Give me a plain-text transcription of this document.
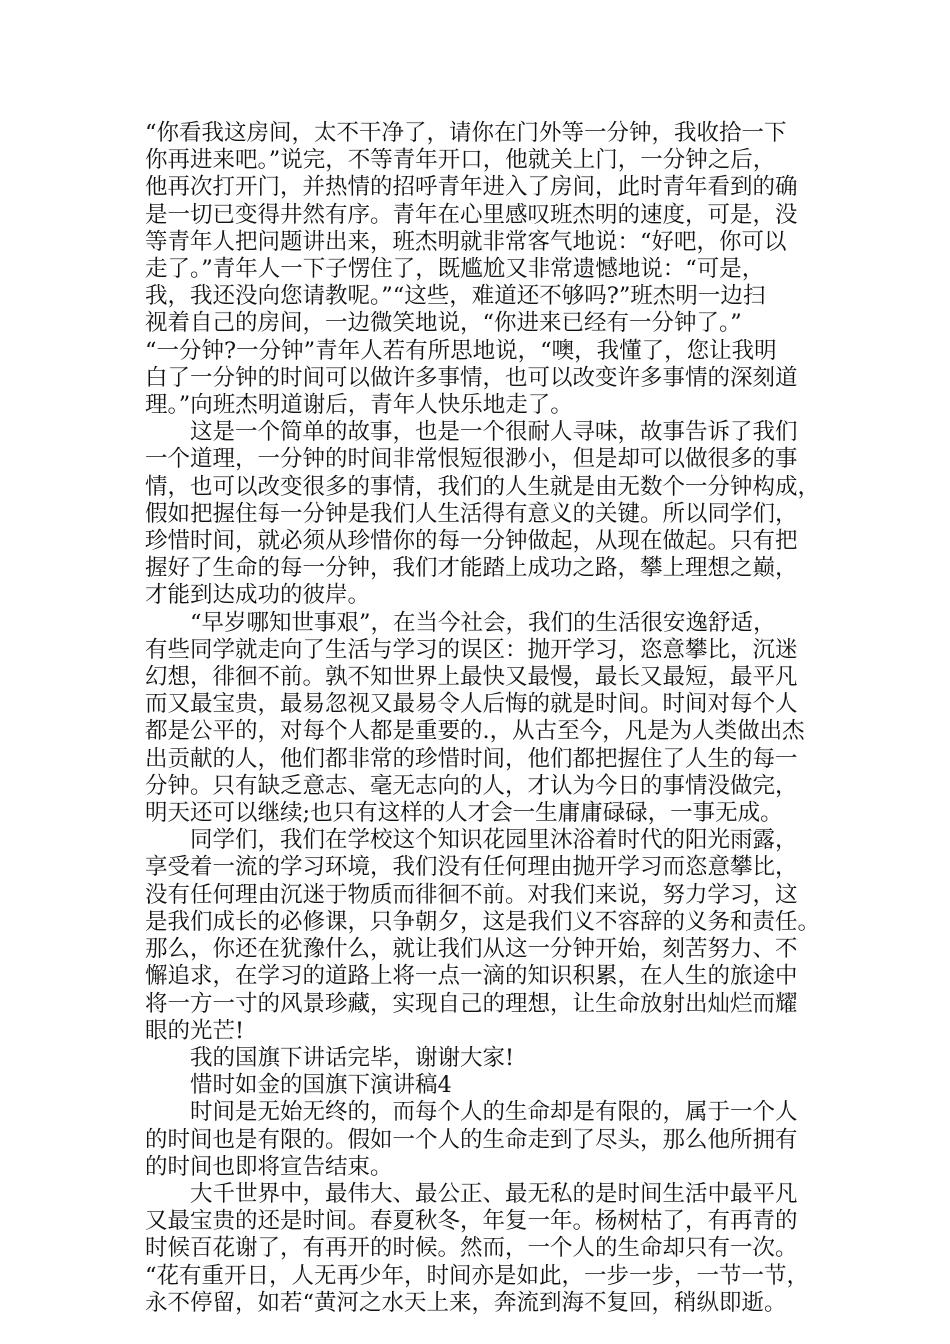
“你看我这房间，太不干净了，请你在门外等一分钟，我收拾一下
你再进来吧。”说完，不等青年开口，他就关上门，一分钟之后，
他再次打开门，并热情的招呼青年进入了房间，此时青年看到的确
是一切已变得井然有序。青年在心里感叹班杰明的速度，可是，没
等青年人把问题讲出来，班杰明就非常客气地说：“好吧，你可以
走了。”青年人一下子愣住了，既尴尬又非常遗憾地说：“可是，
我，我还没向您请教呢。”“这些，难道还不够吗?”班杰明一边扫
视着自己的房间，一边微笑地说，“你进来已经有一分钟了。”
“一分钟?一分钟”青年人若有所思地说，“噢，我懂了，您让我明
白了一分钟的时间可以做许多事情，也可以改变许多事情的深刻道
理。”向班杰明道谢后，青年人快乐地走了。

这是一个简单的故事，也是一个很耐人寻味，故事告诉了我们
一个道理，一分钟的时间非常恨短很渺小，但是却可以做很多的事
情，也可以改变很多的事情，我们的人生就是由无数个一分钟构成，
假如把握住每一分钟是我们人生活得有意义的关键。所以同学们，
珍惜时间，就必须从珍惜你的每一分钟做起，从现在做起。只有把
握好了生命的每一分钟，我们才能踏上成功之路，攀上理想之巅，
才能到达成功的彼岸。

“早岁哪知世事艰”，在当今社会，我们的生活很安逸舒适，
有些同学就走向了生活与学习的误区：抛开学习，恣意攀比，沉迷
幻想，徘徊不前。孰不知世界上最快又最慢，最长又最短，最平凡
而又最宝贵，最易忽视又最易令人后悔的就是时间。时间对每个人
都是公平的，对每个人都是重要的.，从古至今，凡是为人类做出杰
出贡献的人，他们都非常的珍惜时间，他们都把握住了人生的每一
分钟。只有缺乏意志、毫无志向的人，才认为今日的事情没做完，
明天还可以继续;也只有这样的人才会一生庸庸碌碌，一事无成。

同学们，我们在学校这个知识花园里沐浴着时代的阳光雨露，
享受着一流的学习环境，我们没有任何理由抛开学习而恣意攀比，
没有任何理由沉迷于物质而徘徊不前。对我们来说，努力学习，这
是我们成长的必修课，只争朝夕，这是我们义不容辞的义务和责任。
那么，你还在犹豫什么，就让我们从这一分钟开始，刻苦努力、不
懈追求，在学习的道路上将一点一滴的知识积累，在人生的旅途中
将一方一寸的风景珍藏，实现自己的理想，让生命放射出灿烂而耀
眼的光芒!

我的国旗下讲话完毕，谢谢大家!

惜时如金的国旗下演讲稿4

时间是无始无终的，而每个人的生命却是有限的，属于一个人
的时间也是有限的。假如一个人的生命走到了尽头，那么他所拥有
的时间也即将宣告结束。

大千世界中，最伟大、最公正、最无私的是时间生活中最平凡
又最宝贵的还是时间。春夏秋冬，年复一年。杨树枯了，有再青的
时候百花谢了，有再开的时候。然而，一个人的生命却只有一次。
“花有重开日，人无再少年，时间亦是如此，一步一步，一节一节，
永不停留，如若“黄河之水天上来，奔流到海不复回，稍纵即逝。
